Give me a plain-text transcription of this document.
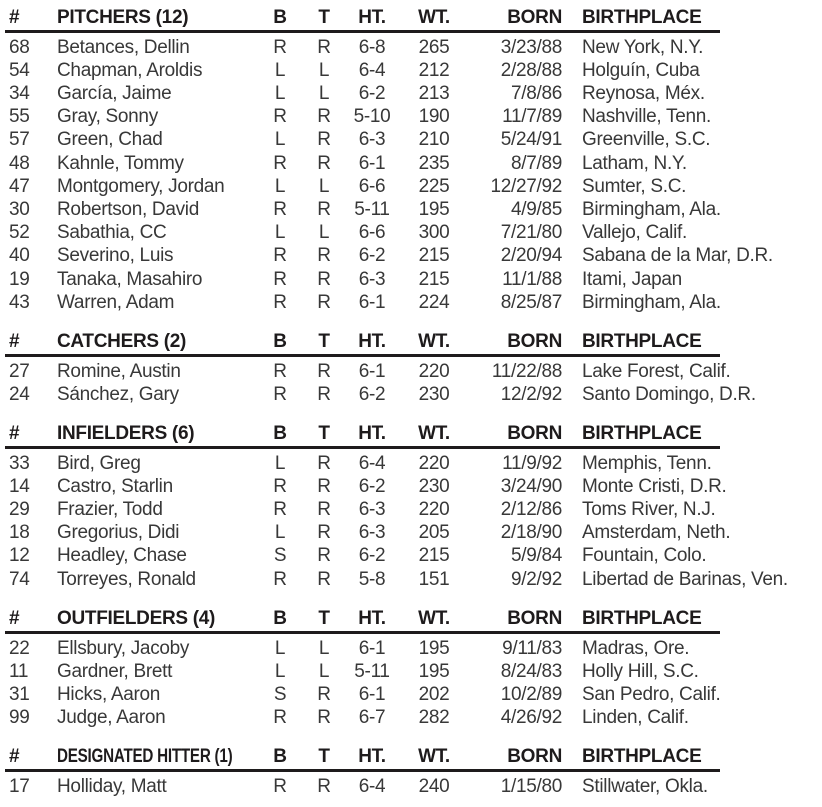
#	PITCHERS (12)	B	T	HT.	WT.	BORN	BIRTHPLACE
68	Betances, Dellin	R	R	6-8	265	3/23/88	New York, N.Y.
54	Chapman, Aroldis	L	L	6-4	212	2/28/88	Holguín, Cuba
34	García, Jaime	L	L	6-2	213	7/8/86	Reynosa, Méx.
55	Gray, Sonny	R	R	5-10	190	11/7/89	Nashville, Tenn.
57	Green, Chad	L	R	6-3	210	5/24/91	Greenville, S.C.
48	Kahnle, Tommy	R	R	6-1	235	8/7/89	Latham, N.Y.
47	Montgomery, Jordan	L	L	6-6	225	12/27/92	Sumter, S.C.
30	Robertson, David	R	R	5-11	195	4/9/85	Birmingham, Ala.
52	Sabathia, CC	L	L	6-6	300	7/21/80	Vallejo, Calif.
40	Severino, Luis	R	R	6-2	215	2/20/94	Sabana de la Mar, D.R.
19	Tanaka, Masahiro	R	R	6-3	215	11/1/88	Itami, Japan
43	Warren, Adam	R	R	6-1	224	8/25/87	Birmingham, Ala.
#	CATCHERS (2)	B	T	HT.	WT.	BORN	BIRTHPLACE
27	Romine, Austin	R	R	6-1	220	11/22/88	Lake Forest, Calif.
24	Sánchez, Gary	R	R	6-2	230	12/2/92	Santo Domingo, D.R.
#	INFIELDERS (6)	B	T	HT.	WT.	BORN	BIRTHPLACE
33	Bird, Greg	L	R	6-4	220	11/9/92	Memphis, Tenn.
14	Castro, Starlin	R	R	6-2	230	3/24/90	Monte Cristi, D.R.
29	Frazier, Todd	R	R	6-3	220	2/12/86	Toms River, N.J.
18	Gregorius, Didi	L	R	6-3	205	2/18/90	Amsterdam, Neth.
12	Headley, Chase	S	R	6-2	215	5/9/84	Fountain, Colo.
74	Torreyes, Ronald	R	R	5-8	151	9/2/92	Libertad de Barinas, Ven.
#	OUTFIELDERS (4)	B	T	HT.	WT.	BORN	BIRTHPLACE
22	Ellsbury, Jacoby	L	L	6-1	195	9/11/83	Madras, Ore.
11	Gardner, Brett	L	L	5-11	195	8/24/83	Holly Hill, S.C.
31	Hicks, Aaron	S	R	6-1	202	10/2/89	San Pedro, Calif.
99	Judge, Aaron	R	R	6-7	282	4/26/92	Linden, Calif.
#	DESIGNATED HITTER (1)	B	T	HT.	WT.	BORN	BIRTHPLACE
17	Holliday, Matt	R	R	6-4	240	1/15/80	Stillwater, Okla.
